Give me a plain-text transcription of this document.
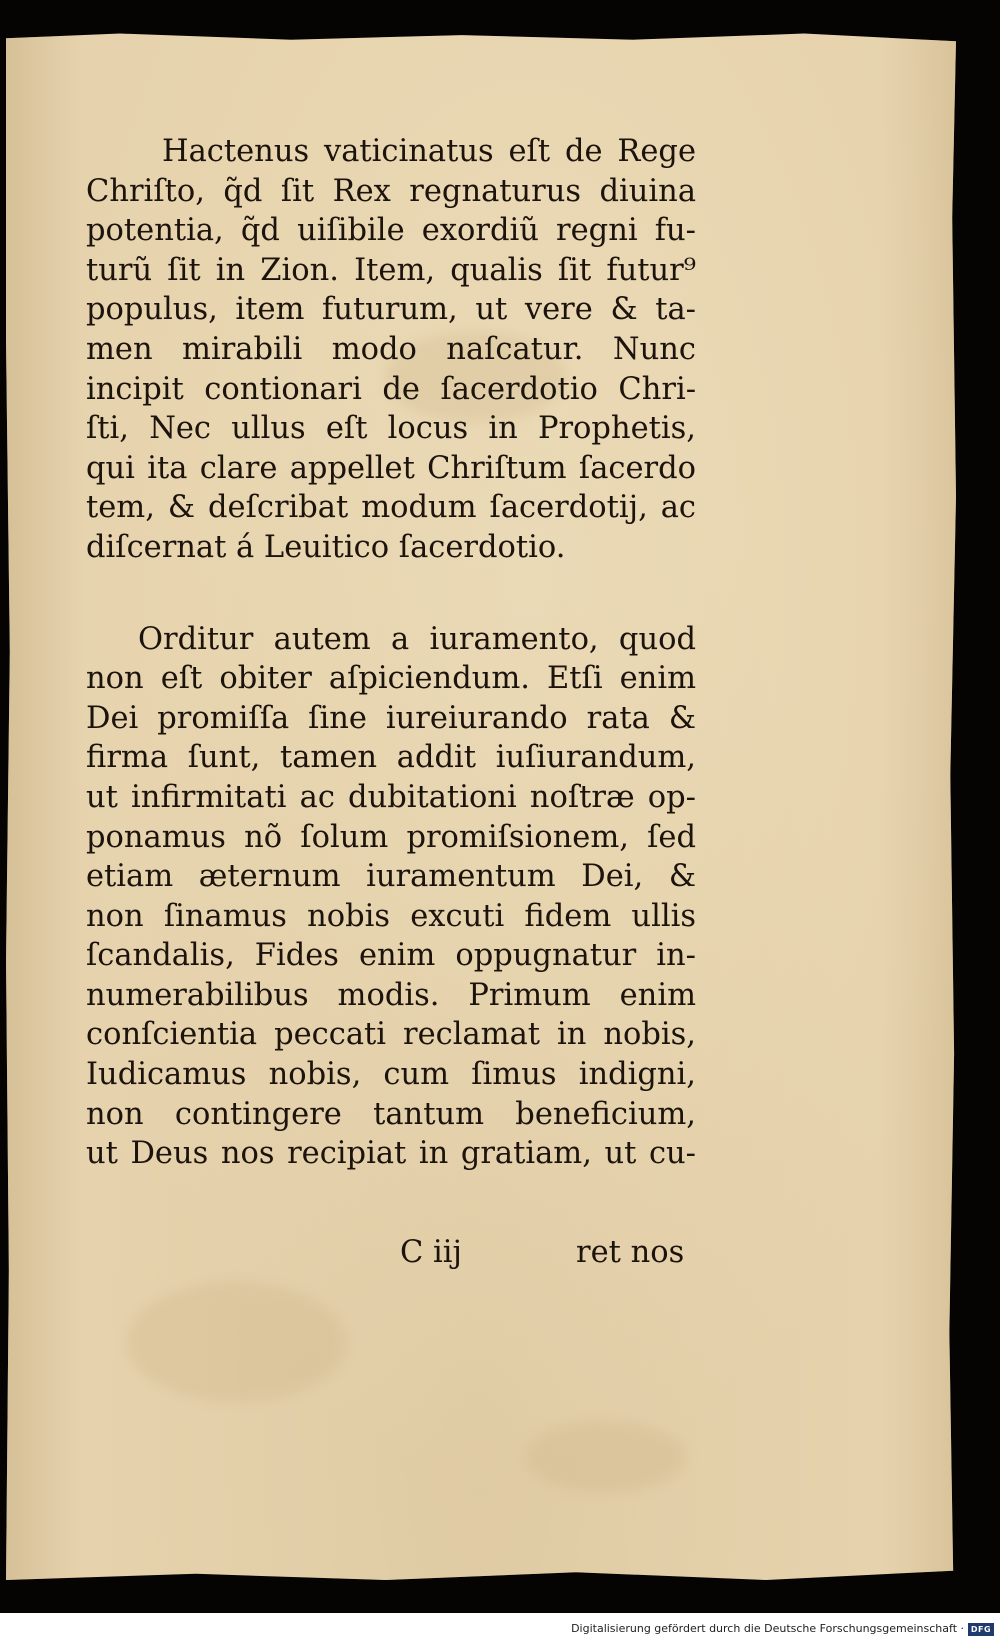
Hactenus vaticinatus eſt de Rege
Chriſto, q̃d ſit Rex regnaturus diuina
potentia, q̃d uiſibile exordiũ regni fu-
turũ ſit in Zion. Item, qualis ſit futur⁹
populus, item futurum, ut vere & ta-
men mirabili modo naſcatur. Nunc
incipit contionari de ſacerdotio Chri-
ſti, Nec ullus eſt locus in Prophetis,
qui ita clare appellet Chriſtum ſacerdo
tem, & deſcribat modum ſacerdotij, ac
diſcernat á Leuitico ſacerdotio.
Orditur autem a iuramento, quod
non eſt obiter aſpiciendum. Etſi enim
Dei promiſſa ſine iureiurando rata &
firma ſunt, tamen addit iuſiurandum,
ut infirmitati ac dubitationi noſtræ op-
ponamus nõ ſolum promiſsionem, ſed
etiam æternum iuramentum Dei, &
non ſinamus nobis excuti fidem ullis
ſcandalis, Fides enim oppugnatur in-
numerabilibus modis. Primum enim
conſcientia peccati reclamat in nobis,
Iudicamus nobis, cum ſimus indigni,
non contingere tantum beneficium,
ut Deus nos recipiat in gratiam, ut cu-
C iij	ret nos
Digitalisierung gefördert durch die Deutsche Forschungsgemeinschaft · DFG
